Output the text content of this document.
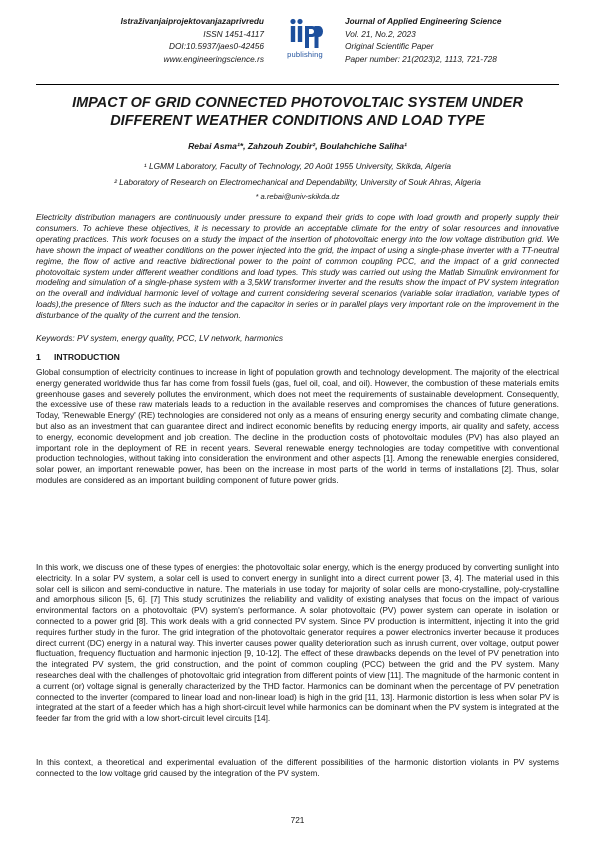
Istraživanjaiprojektovanjazaprivredu
ISSN 1451-4117
DOI:10.5937/jaes0-42456
www.engineeringscience.rs	publishing
Journal of Applied Engineering Science
Vol. 21, No.2, 2023
Original Scientific Paper
Paper number: 21(2023)2, 1113, 721-728
IMPACT OF GRID CONNECTED PHOTOVOLTAIC SYSTEM UNDER
DIFFERENT WEATHER CONDITIONS AND LOAD TYPE
Rebai Asma¹*, Zahzouh Zoubir², Boulahchiche Saliha¹
¹ LGMM Laboratory, Faculty of Technology, 20 Août 1955 University, Skikda, Algeria
² Laboratory of Research on Electromechanical and Dependability, University of Souk Ahras, Algeria
* a.rebai@univ-skikda.dz
Electricity distribution managers are continuously under pressure to expand their grids to cope with load growth and properly supply their consumers. To achieve these objectives, it is necessary to provide an acceptable climate for the entry of solar resources and innovative operating practices. This work focuses on a study the impact of the insertion of photovoltaic energy into the low voltage distribution grid. We have shown the impact of weather conditions on the power injected into the grid, the impact of using a single-phase inverter with a TT-neutral regime, the flow of active and reactive bidirectional power to the point of common coupling PCC, and the impact of a grid connected photovoltaic system under different weather conditions and load types. This study was carried out using the Matlab Simulink environment for modeling and simulation of a single-phase system with a 3,5kW transformer inverter and the results show the impact of PV system integration on the overall and individual harmonic level of voltage and current considering several scenarios (variable solar irradiation, variable types of loads),the presence of filters such as the inductor and the capacitor in series or in parallel plays very important role on the improvement in the disturbance of the quality of the current and the tension.
Keywords: PV system, energy quality, PCC, LV network, harmonics
1 INTRODUCTION

Global consumption of electricity continues to increase in light of population growth and technology development. The majority of the electrical energy generated worldwide thus far has come from fossil fuels (gas, fuel oil, coal, and oil). However, the combustion of these materials emits greenhouse gases and severely pollutes the environment, which does not meet the requirements of sustainable development. Consequently, the excessive use of these raw materials leads to a reduction in the available reserves and compromises the chances of future generations. Today, 'Renewable Energy' (RE) technologies are considered not only as a means of ensuring energy security and combating climate change, but also as an investment that can guarantee direct and indirect economic benefits by reducing energy imports, air quality and safety, access to energy, economic development and job creation. The decline in the production costs of photovoltaic modules (PV) has also played an important role in the deployment of RE in recent years. Several renewable energy technologies are today competitive with conventional production technologies, without taking into consideration the environment and other aspects [1]. Among the renewable energies considered, solar power, an important renewable power, has been on the increase in most parts of the world in terms of installations [2]. Thus, solar modules are considered as an important building component of future power grids.

In this work, we discuss one of these types of energies: the photovoltaic solar energy, which is the energy produced by converting sunlight into electricity. In a solar PV system, a solar cell is used to convert energy in sunlight into a direct current power [3, 4]. The material used in this solar cell is silicon and semi-conductive in nature. The materials in use today for majority of solar cells are mono-crystalline, poly-crystalline and amorphous silicon [5, 6]. [7] This study scrutinizes the reliability and validity of existing analyses that focus on the impact of various environmental factors on a photovoltaic (PV) system's performance. A solar photovoltaic (PV) power system can operate in isolation or connected to a power grid [8]. This work deals with a grid connected PV system. Since PV production is intermittent, injecting it into the grid requires further study in the furor. The grid integration of the photovoltaic generator requires a power electronics inverter because it produces direct current (DC) energy in a natural way. This inverter causes power quality deterioration such as inrush current, over voltage, output power fluctuation, frequency fluctuation and harmonic injection [9, 10-12]. The effect of these drawbacks depends on the level of PV penetration into the integrated PV system, the grid construction, and the point of common coupling (PCC) between the grid and the PV system. Many researches deal with the challenges of photovoltaic grid integration from different points of view [11]. The magnitude of the harmonic content in a current (or) voltage signal is generally characterized by the THD factor. Harmonics can be dominant when the percentage of PV penetration connected to the inverter (compared to linear load and non-linear load) is high in the grid [11, 13]. Harmonic distortion is less when solar PV is integrated at the start of a feeder which has a high short-circuit level while harmonics can be dominant when the PV system is integrated at the feeder far from the grid with a low short-circuit level circuits [14].

In this context, a theoretical and experimental evaluation of the different possibilities of the harmonic distortion violants in PV systems connected to the low voltage grid caused by the integration of the PV system.

721
